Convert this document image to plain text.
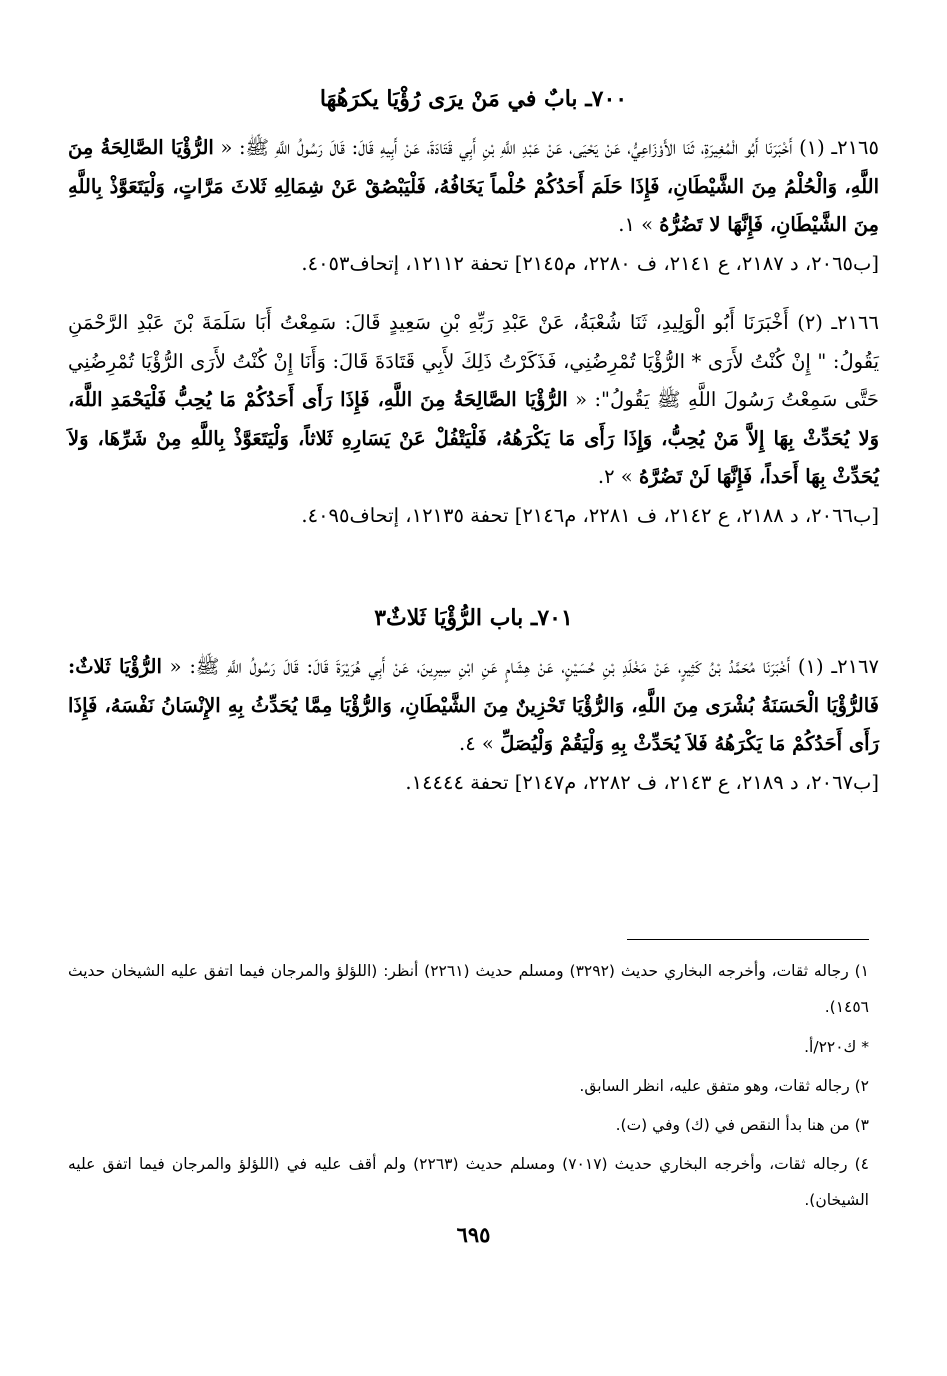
٧٠٠ـ بابٌ في مَنْ يرَى رُؤْيَا يكرَهُهَا
٢١٦٥ـ (١) أَخْبَرَنَا أَبُو الْمُغِيرَةِ، ثَنَا الأَوْزَاعِيُّ، عَنْ يَحْيَى، عَنْ عَبْدِ اللَّهِ بْنِ أَبِي قَتَادَةَ، عَنْ أَبِيهِ قَالَ: قَالَ رَسُولُ اللَّهِ ﷺ: « الرُّؤْيَا الصَّالِحَةُ مِنَ اللَّهِ، وَالْحُلْمُ مِنَ الشَّيْطَانِ، فَإِذَا حَلَمَ أَحَدُكُمْ حُلْماً يَخَافُهُ، فَلْيَبْصُقْ عَنْ شِمَالِهِ ثَلاثَ مَرَّاتٍ، وَلْيَتَعَوَّذْ بِاللَّهِ مِنَ الشَّيْطَانِ، فَإِنَّهَا لا تَضُرُّهُ » ١.
[ب٢٠٦٥، د ٢١٨٧، ع ٢١٤١، ف ٢٢٨٠، م٢١٤٥] تحفة ١٢١١٢، إتحاف٤٠٥٣.
٢١٦٦ـ (٢) أَخْبَرَنَا أَبُو الْوَلِيدِ، ثَنَا شُعْبَةُ، عَنْ عَبْدِ رَبِّهِ بْنِ سَعِيدٍ قَالَ: سَمِعْتُ أَبَا سَلَمَةَ بْنَ عَبْدِ الرَّحْمَنِ يَقُولُ: " إِنْ كُنْتُ لأَرَى * الرُّؤْيَا تُمْرِضُنِي، فَذَكَرْتُ ذَلِكَ لأَبِي قَتَادَةَ قَالَ: وَأَنَا إِنْ كُنْتُ لأَرَى الرُّؤْيَا تُمْرِضُنِي حَتَّى سَمِعْتُ رَسُولَ اللَّهِ ﷺ يَقُولُ": « الرُّؤْيَا الصَّالِحَةُ مِنَ اللَّهِ، فَإِذَا رَأَى أَحَدُكُمْ مَا يُحِبُّ فَلْيَحْمَدِ اللَّهَ، وَلا يُحَدِّثْ بِهَا إِلاَّ مَنْ يُحِبُّ، وَإِذَا رَأَى مَا يَكْرَهُهُ، فَلْيَتْفُلْ عَنْ يَسَارِهِ ثَلاثاً، وَلْيَتَعَوَّذْ بِاللَّهِ مِنْ شَرِّهَا، وَلاَ يُحَدِّثْ بِهَا أَحَداً، فَإِنَّهَا لَنْ تَضُرَّهُ » ٢.
[ب٢٠٦٦، د ٢١٨٨، ع ٢١٤٢، ف ٢٢٨١، م٢١٤٦] تحفة ١٢١٣٥، إتحاف٤٠٩٥.
٧٠١ـ باب الرُّؤْيَا ثَلاثٌ٣
٢١٦٧ـ (١) أَخْبَرَنَا مُحَمَّدُ بْنُ كَثِيرٍ، عَنْ مَخْلَدِ بْنِ حُسَيْنٍ، عَنْ هِشَامٍ عَنِ ابْنِ سِيرِينَ، عَنْ أَبِي هُرَيْرَةَ قَالَ: قَالَ رَسُولُ اللَّهِ ﷺ: « الرُّؤْيَا ثَلاثٌ: فَالرُّؤْيَا الْحَسَنَةُ بُشْرَى مِنَ اللَّهِ، وَالرُّؤْيَا تَحْزِينٌ مِنَ الشَّيْطَانِ، وَالرُّؤْيَا مِمَّا يُحَدِّثُ بِهِ الإِنْسَانُ نَفْسَهُ، فَإِذَا رَأَى أَحَدُكُمْ مَا يَكْرَهُهُ فَلاَ يُحَدِّثْ بِهِ وَلْيَقُمْ وَلْيُصَلِّ » ٤.
[ب٢٠٦٧، د ٢١٨٩، ع ٢١٤٣، ف ٢٢٨٢، م٢١٤٧] تحفة ١٤٤٤٤.
١) رجاله ثقات، وأخرجه البخاري حديث (٣٢٩٢) ومسلم حديث (٢٢٦١) أنظر: (اللؤلؤ والمرجان فيما اتفق عليه الشيخان حديث ١٤٥٦).
* ك٢٢٠/أ.
٢) رجاله ثقات، وهو متفق عليه، انظر السابق.
٣) من هنا بدأ النقص في (ك) وفي (ت).
٤) رجاله ثقات، وأخرجه البخاري حديث (٧٠١٧) ومسلم حديث (٢٢٦٣) ولم أقف عليه في (اللؤلؤ والمرجان فيما اتفق عليه الشيخان).
٦٩٥
